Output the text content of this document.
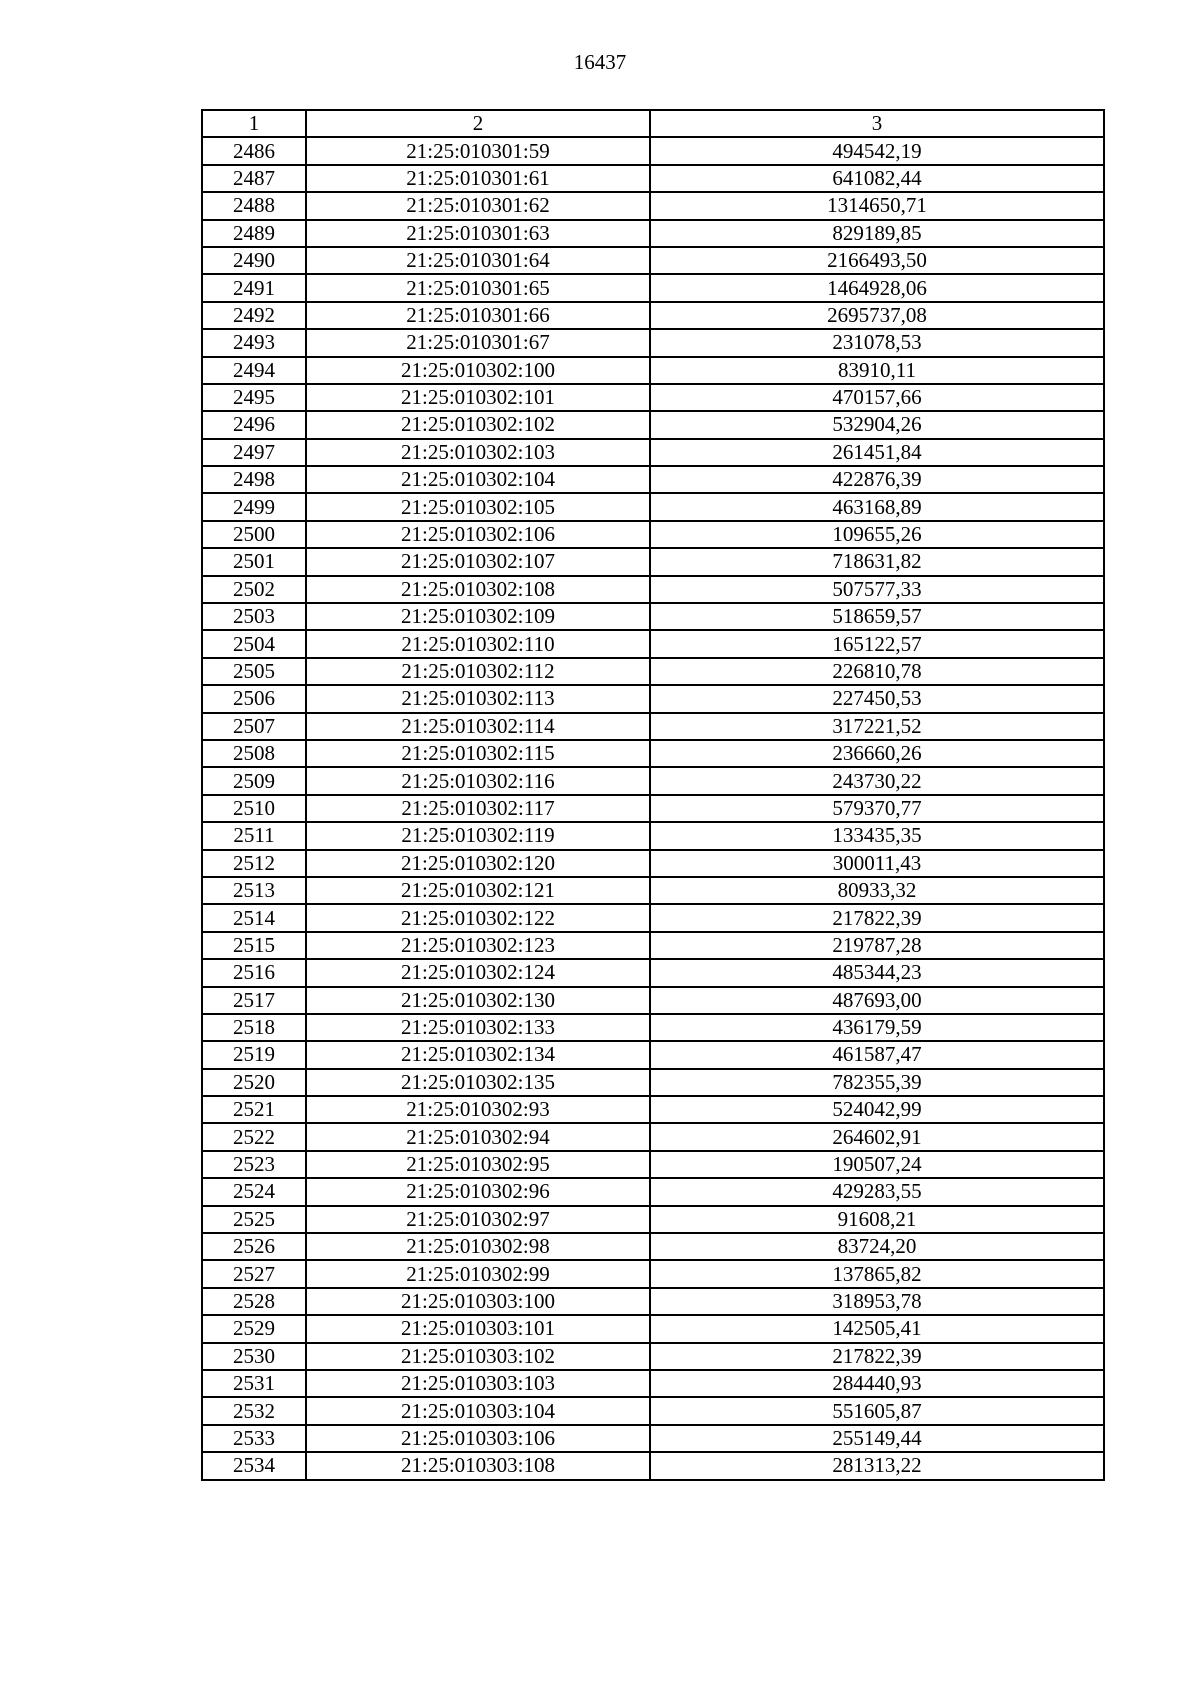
16437
1	2	3
2486	21:25:010301:59	494542,19
2487	21:25:010301:61	641082,44
2488	21:25:010301:62	1314650,71
2489	21:25:010301:63	829189,85
2490	21:25:010301:64	2166493,50
2491	21:25:010301:65	1464928,06
2492	21:25:010301:66	2695737,08
2493	21:25:010301:67	231078,53
2494	21:25:010302:100	83910,11
2495	21:25:010302:101	470157,66
2496	21:25:010302:102	532904,26
2497	21:25:010302:103	261451,84
2498	21:25:010302:104	422876,39
2499	21:25:010302:105	463168,89
2500	21:25:010302:106	109655,26
2501	21:25:010302:107	718631,82
2502	21:25:010302:108	507577,33
2503	21:25:010302:109	518659,57
2504	21:25:010302:110	165122,57
2505	21:25:010302:112	226810,78
2506	21:25:010302:113	227450,53
2507	21:25:010302:114	317221,52
2508	21:25:010302:115	236660,26
2509	21:25:010302:116	243730,22
2510	21:25:010302:117	579370,77
2511	21:25:010302:119	133435,35
2512	21:25:010302:120	300011,43
2513	21:25:010302:121	80933,32
2514	21:25:010302:122	217822,39
2515	21:25:010302:123	219787,28
2516	21:25:010302:124	485344,23
2517	21:25:010302:130	487693,00
2518	21:25:010302:133	436179,59
2519	21:25:010302:134	461587,47
2520	21:25:010302:135	782355,39
2521	21:25:010302:93	524042,99
2522	21:25:010302:94	264602,91
2523	21:25:010302:95	190507,24
2524	21:25:010302:96	429283,55
2525	21:25:010302:97	91608,21
2526	21:25:010302:98	83724,20
2527	21:25:010302:99	137865,82
2528	21:25:010303:100	318953,78
2529	21:25:010303:101	142505,41
2530	21:25:010303:102	217822,39
2531	21:25:010303:103	284440,93
2532	21:25:010303:104	551605,87
2533	21:25:010303:106	255149,44
2534	21:25:010303:108	281313,22
